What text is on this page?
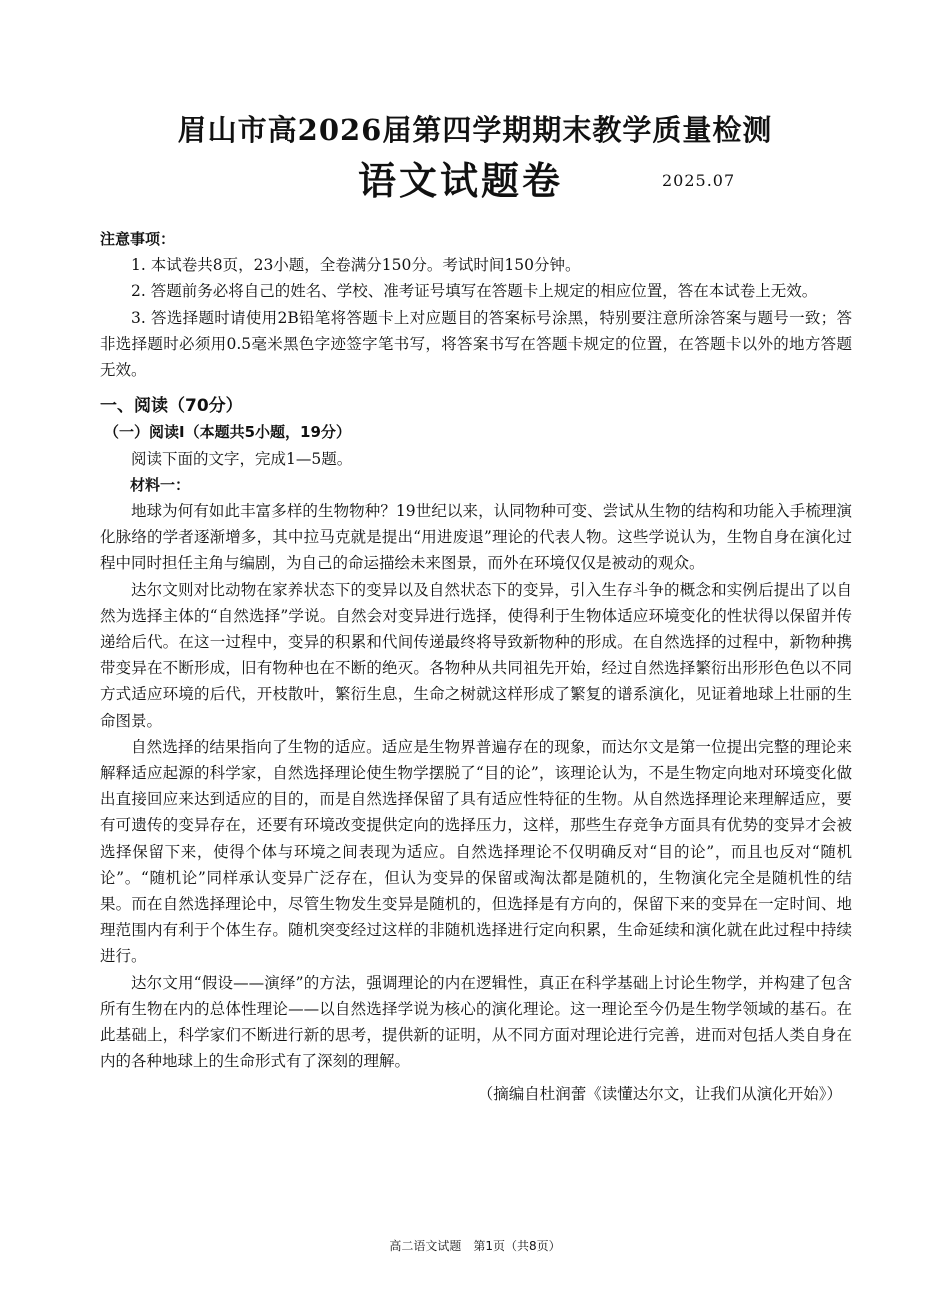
眉山市高2026届第四学期期末教学质量检测
语文试题卷	2025.07

注意事项：

1. 本试卷共8页，23小题，全卷满分150分。考试时间150分钟。

2. 答题前务必将自己的姓名、学校、准考证号填写在答题卡上规定的相应位置，答在本试卷上无效。

3. 答选择题时请使用2B铅笔将答题卡上对应题目的答案标号涂黑，特别要注意所涂答案与题号一致；答非选择题时必须用0.5毫米黑色字迹签字笔书写，将答案书写在答题卡规定的位置，在答题卡以外的地方答题无效。

一、阅读（70分）

（一）阅读Ⅰ（本题共5小题，19分）

阅读下面的文字，完成1—5题。

材料一：

地球为何有如此丰富多样的生物物种？19世纪以来，认同物种可变、尝试从生物的结构和功能入手梳理演化脉络的学者逐渐增多，其中拉马克就是提出“用进废退”理论的代表人物。这些学说认为，生物自身在演化过程中同时担任主角与编剧，为自己的命运描绘未来图景，而外在环境仅仅是被动的观众。

达尔文则对比动物在家养状态下的变异以及自然状态下的变异，引入生存斗争的概念和实例后提出了以自然为选择主体的“自然选择”学说。自然会对变异进行选择，使得利于生物体适应环境变化的性状得以保留并传递给后代。在这一过程中，变异的积累和代间传递最终将导致新物种的形成。在自然选择的过程中，新物种携带变异在不断形成，旧有物种也在不断的绝灭。各物种从共同祖先开始，经过自然选择繁衍出形形色色以不同方式适应环境的后代，开枝散叶，繁衍生息，生命之树就这样形成了繁复的谱系演化，见证着地球上壮丽的生命图景。

自然选择的结果指向了生物的适应。适应是生物界普遍存在的现象，而达尔文是第一位提出完整的理论来解释适应起源的科学家，自然选择理论使生物学摆脱了“目的论”，该理论认为，不是生物定向地对环境变化做出直接回应来达到适应的目的，而是自然选择保留了具有适应性特征的生物。从自然选择理论来理解适应，要有可遗传的变异存在，还要有环境改变提供定向的选择压力，这样，那些生存竞争方面具有优势的变异才会被选择保留下来，使得个体与环境之间表现为适应。自然选择理论不仅明确反对“目的论”，而且也反对“随机论”。“随机论”同样承认变异广泛存在，但认为变异的保留或淘汰都是随机的，生物演化完全是随机性的结果。而在自然选择理论中，尽管生物发生变异是随机的，但选择是有方向的，保留下来的变异在一定时间、地理范围内有利于个体生存。随机突变经过这样的非随机选择进行定向积累，生命延续和演化就在此过程中持续进行。

达尔文用“假设——演绎”的方法，强调理论的内在逻辑性，真正在科学基础上讨论生物学，并构建了包含所有生物在内的总体性理论——以自然选择学说为核心的演化理论。这一理论至今仍是生物学领域的基石。在此基础上，科学家们不断进行新的思考，提供新的证明，从不同方面对理论进行完善，进而对包括人类自身在内的各种地球上的生命形式有了深刻的理解。

（摘编自杜润蕾《读懂达尔文，让我们从演化开始》）

高二语文试题　第1页（共8页）
